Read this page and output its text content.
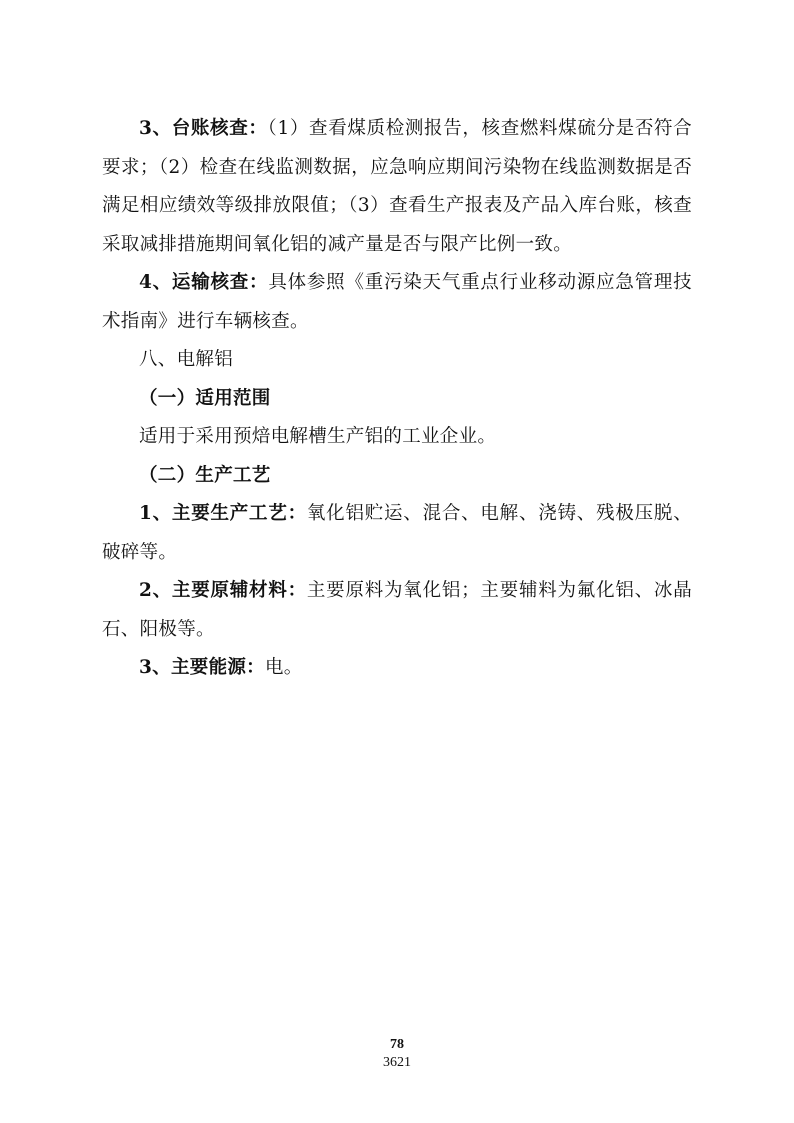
3、台账核查：（1）查看煤质检测报告，核查燃料煤硫分是否符合要求；（2）检查在线监测数据，应急响应期间污染物在线监测数据是否满足相应绩效等级排放限值；（3）查看生产报表及产品入库台账，核查采取减排措施期间氧化铝的减产量是否与限产比例一致。

4、运输核查：具体参照《重污染天气重点行业移动源应急管理技术指南》进行车辆核查。

八、电解铝

（一）适用范围

适用于采用预焙电解槽生产铝的工业企业。

（二）生产工艺

1、主要生产工艺：氧化铝贮运、混合、电解、浇铸、残极压脱、破碎等。

2、主要原辅材料：主要原料为氧化铝；主要辅料为氟化铝、冰晶石、阳极等。

3、主要能源：电。

78
3621
